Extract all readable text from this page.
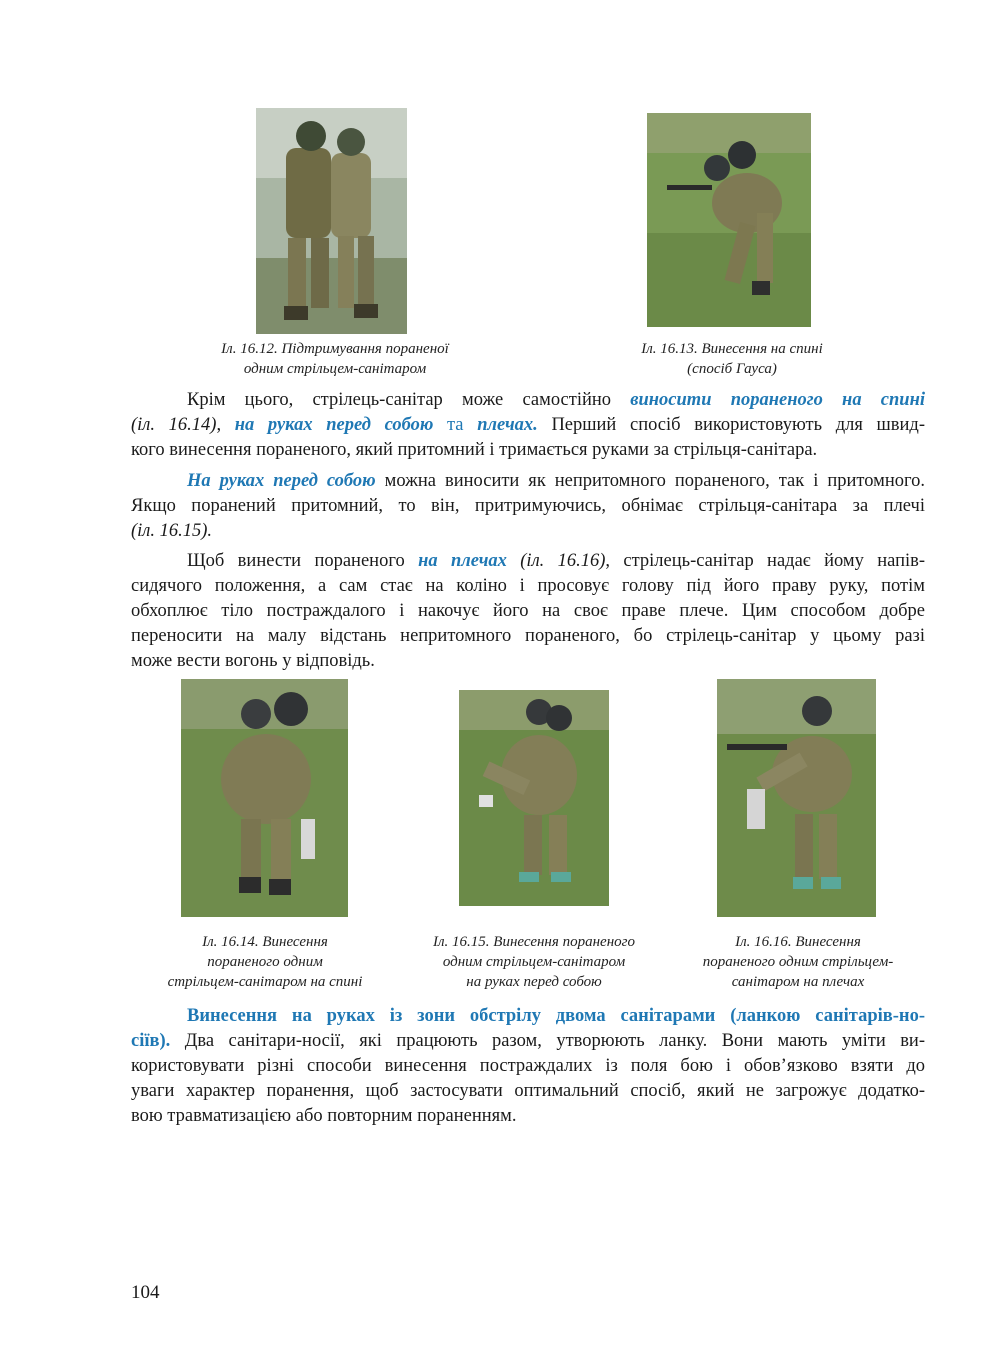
Іл. 16.12. Підтримування пораненої
одним стрільцем-санітаром
Іл. 16.13. Винесення на спині
(спосіб Гауса)
Крім цього, стрілець-санітар може самостійно виносити пораненого на спині
(іл. 16.14), на руках перед собою та плечах. Перший спосіб використовують для швид-
кого винесення пораненого, який притомний і тримається руками за стрільця-санітара.
На руках перед собою можна виносити як непритомного пораненого, так і притомного.
Якщо поранений притомний, то він, притримуючись, обнімає стрільця-санітара за плечі
(іл. 16.15).
Щоб винести пораненого на плечах (іл. 16.16), стрілець-санітар надає йому напів-
сидячого положення, а сам стає на коліно і просовує голову під його праву руку, потім
обхоплює тіло постраждалого і накочує його на своє праве плече. Цим способом добре
переносити на малу відстань непритомного пораненого, бо стрілець-санітар у цьому разі
може вести вогонь у відповідь.
Іл. 16.14. Винесення
пораненого одним
стрільцем-санітаром на спині
Іл. 16.15. Винесення пораненого
одним стрільцем-санітаром
на руках перед собою
Іл. 16.16. Винесення
пораненого одним стрільцем-
санітаром на плечах
Винесення на руках із зони обстрілу двома санітарами (ланкою санітарів-но-
сіїв). Два санітари-носії, які працюють разом, утворюють ланку. Вони мають уміти ви-
користовувати різні способи винесення постраждалих із поля бою і обов’язково взяти до
уваги характер поранення, щоб застосувати оптимальний спосіб, який не загрожує додатко-
вою травматизацією або повторним пораненням.
104
